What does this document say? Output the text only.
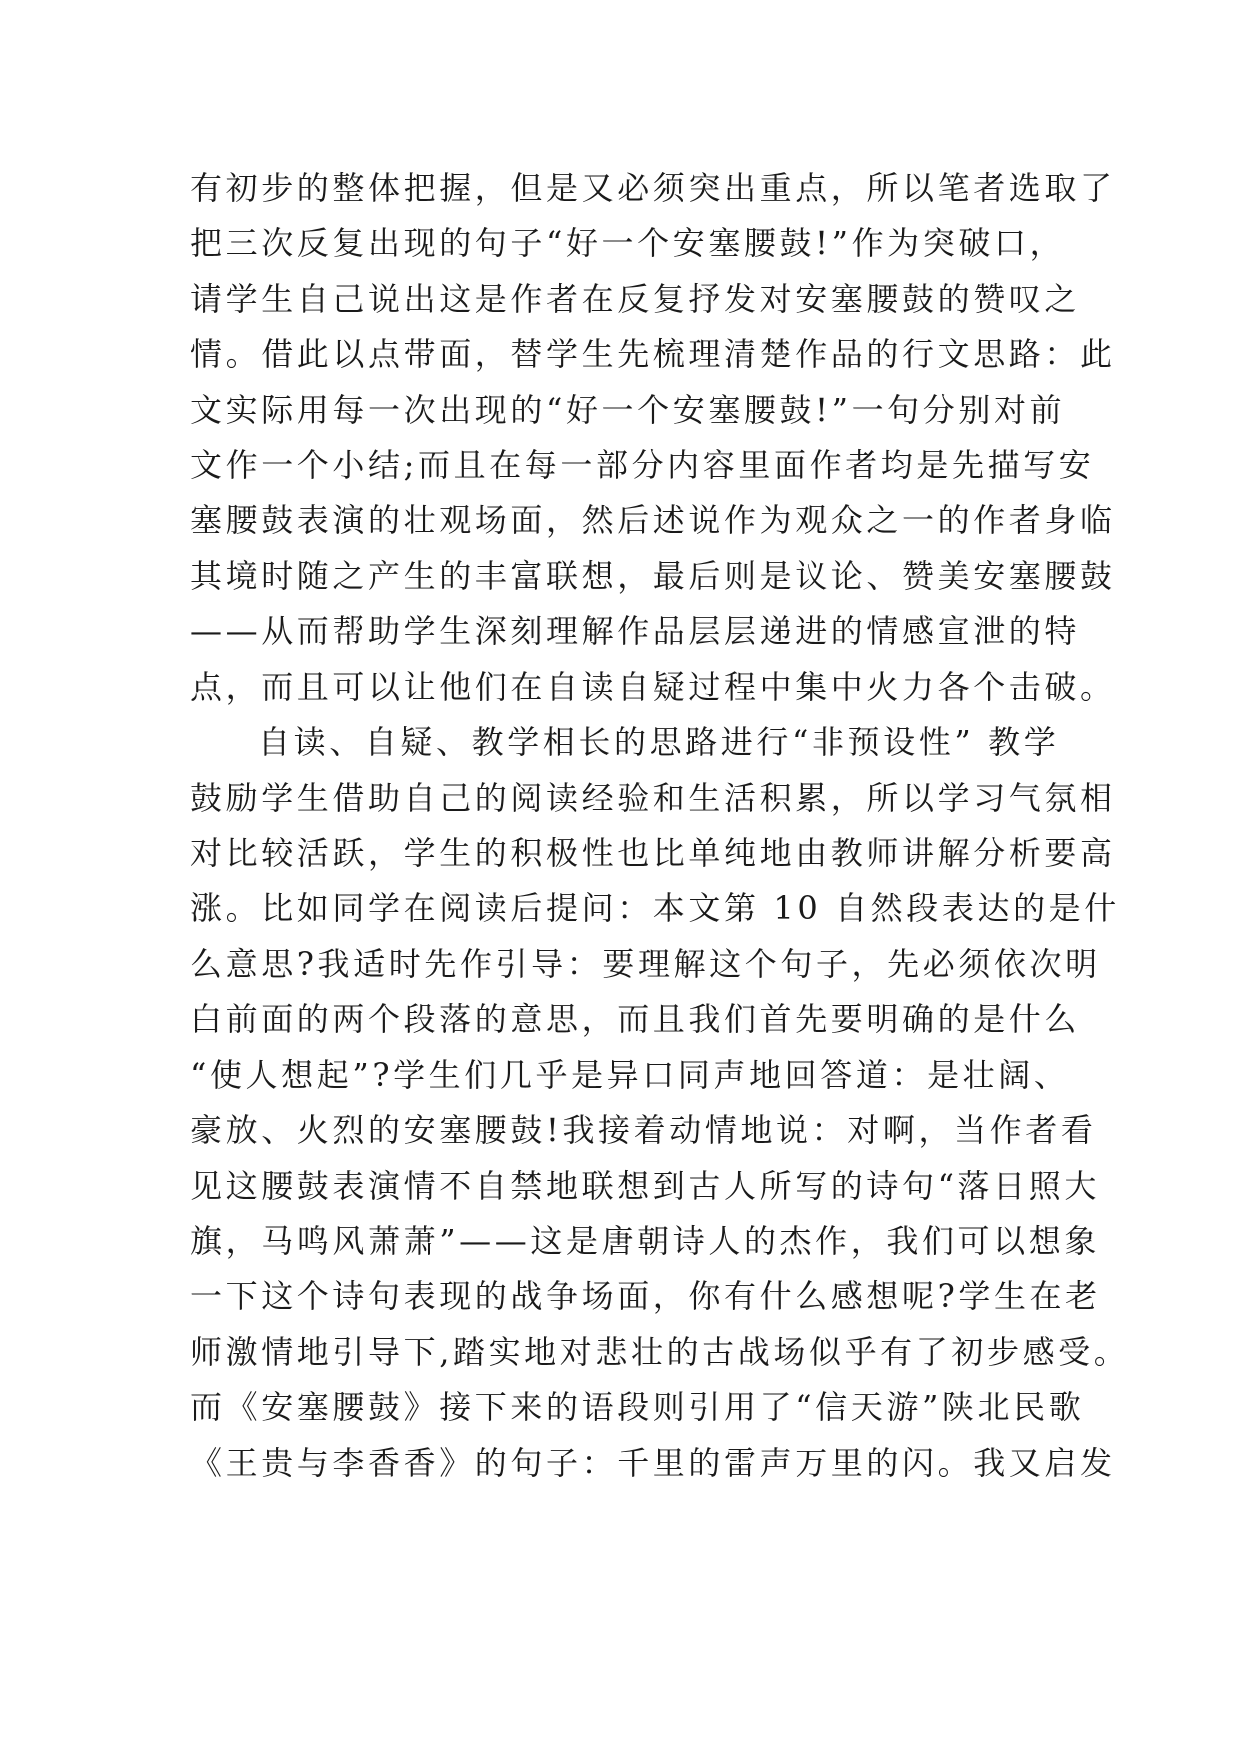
有初步的整体把握，但是又必须突出重点，所以笔者选取了
把三次反复出现的句子“好一个安塞腰鼓!”作为突破口，
请学生自己说出这是作者在反复抒发对安塞腰鼓的赞叹之
情。借此以点带面，替学生先梳理清楚作品的行文思路：此
文实际用每一次出现的“好一个安塞腰鼓!”一句分别对前
文作一个小结;而且在每一部分内容里面作者均是先描写安
塞腰鼓表演的壮观场面，然后述说作为观众之一的作者身临
其境时随之产生的丰富联想，最后则是议论、赞美安塞腰鼓
——从而帮助学生深刻理解作品层层递进的情感宣泄的特
点，而且可以让他们在自读自疑过程中集中火力各个击破。
自读、自疑、教学相长的思路进行“非预设性” 教学
鼓励学生借助自己的阅读经验和生活积累，所以学习气氛相
对比较活跃，学生的积极性也比单纯地由教师讲解分析要高
涨。比如同学在阅读后提问：本文第 10 自然段表达的是什
么意思?我适时先作引导：要理解这个句子，先必须依次明
白前面的两个段落的意思，而且我们首先要明确的是什么
“使人想起”?学生们几乎是异口同声地回答道：是壮阔、
豪放、火烈的安塞腰鼓!我接着动情地说：对啊，当作者看
见这腰鼓表演情不自禁地联想到古人所写的诗句“落日照大
旗，马鸣风萧萧”——这是唐朝诗人的杰作，我们可以想象
一下这个诗句表现的战争场面，你有什么感想呢?学生在老
师激情地引导下,踏实地对悲壮的古战场似乎有了初步感受。
而《安塞腰鼓》接下来的语段则引用了“信天游”陕北民歌
《王贵与李香香》的句子：千里的雷声万里的闪。我又启发
